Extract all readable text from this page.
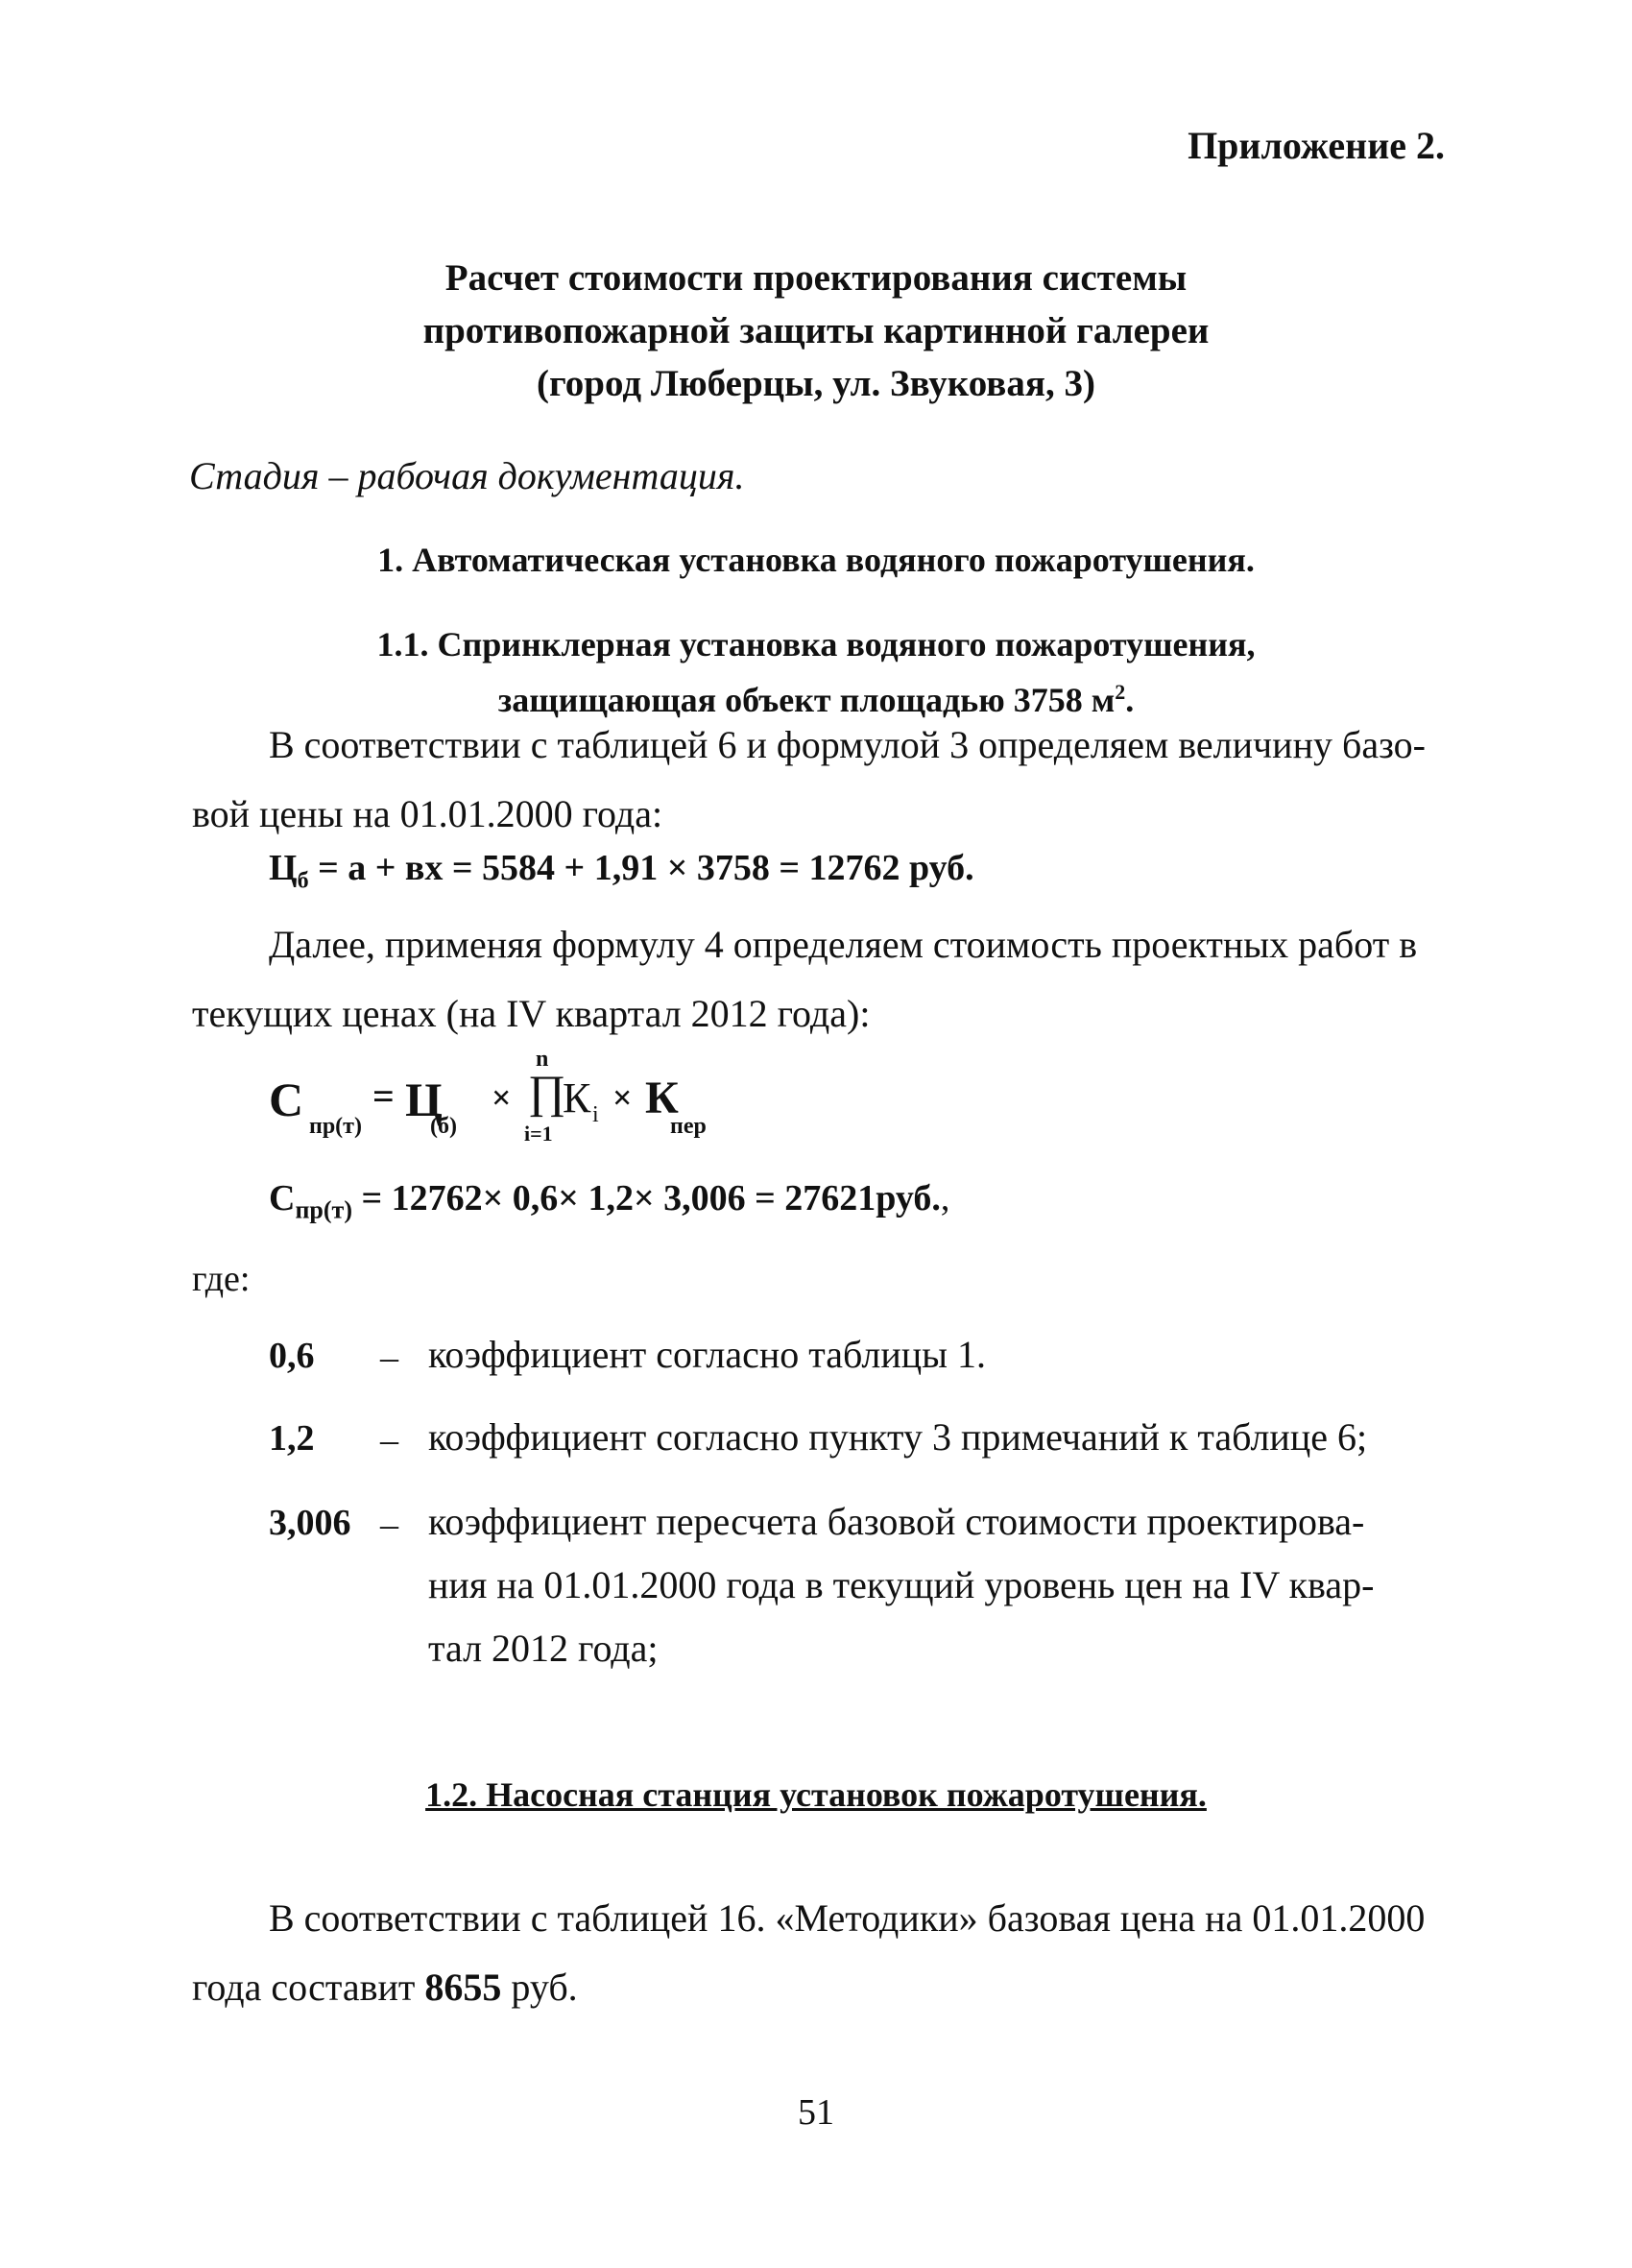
Приложение 2.
Расчет стоимости проектирования системы
противопожарной защиты картинной галереи
(город Люберцы, ул. Звуковая, 3)
Стадия – рабочая документация.
1. Автоматическая установка водяного пожаротушения.
1.1. Спринклерная установка водяного пожаротушения,
защищающая объект площадью 3758 $м^2$.
В соответствии с таблицей 6 и формулой 3 определяем величину базо-
вой цены на 01.01.2000 года:
$Ц_б = а$ + вх = 5584 + 1,91 × 3758 = 12762 руб.
Далее, применяя формулу 4 определяем стоимость проектных работ в
текущих ценах (на IV квартал 2012 года):
С пр(т)
= Ц
(б)
×
n
∏
i=1
К i × К
пер
$С_{пр(т)} = 12762\times 0,6\times 1,2\times 3,006 = 27621руб$.,
где:
0,6 – коэффициент согласно таблицы 1.
1,2 – коэффициент согласно пункту 3 примечаний к таблице 6;
3,006 – коэффициент пересчета базовой стоимости проектирова-
ния на 01.01.2000 года в текущий уровень цен на IV квар-
тал 2012 года;
1.2. Насосная станция установок пожаротушения.
В соответствии с таблицей 16. «Методики» базовая цена на 01.01.2000
года составит 8655 руб.
51
